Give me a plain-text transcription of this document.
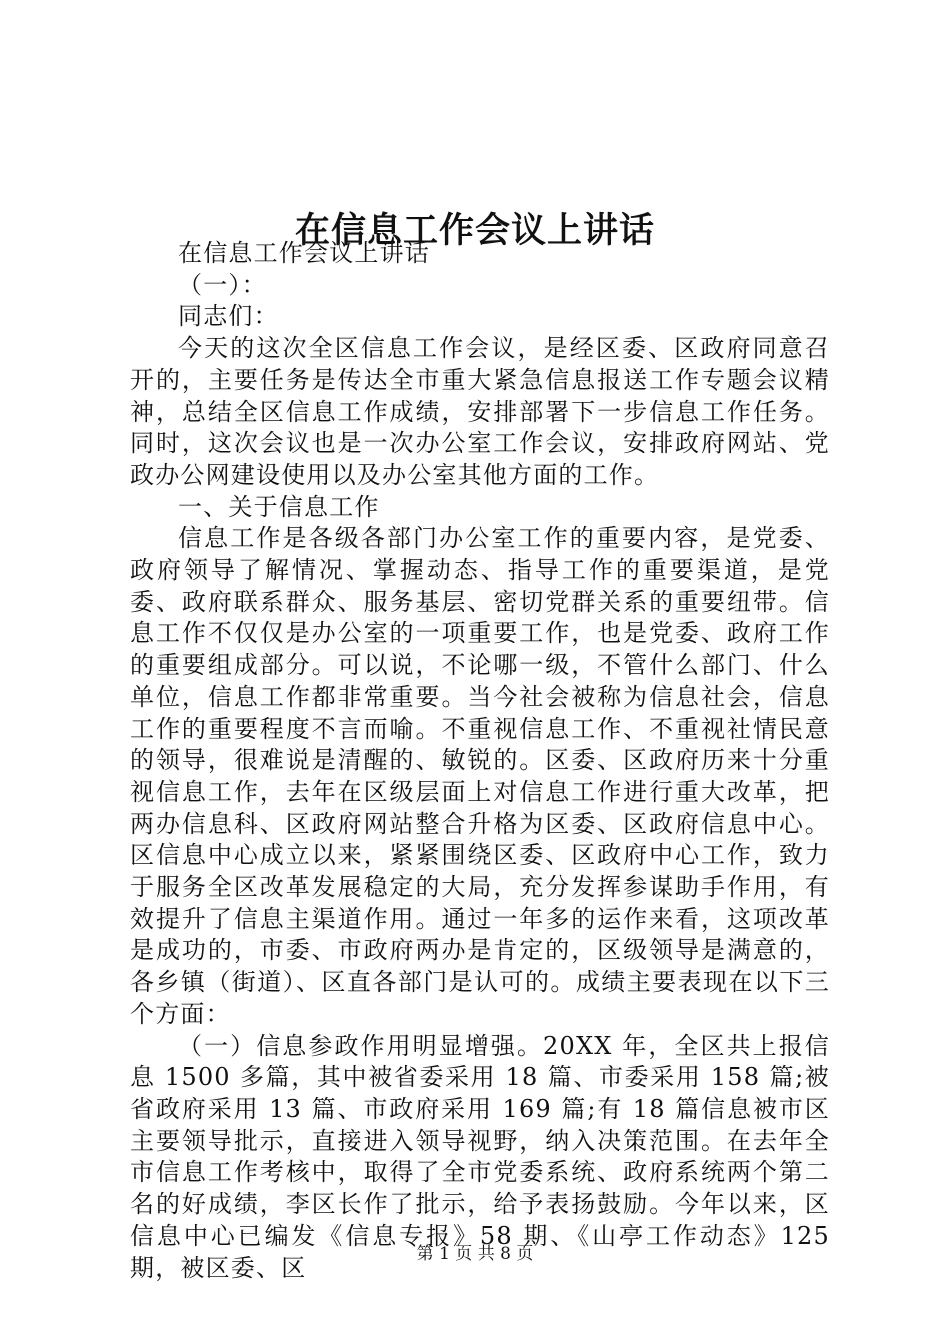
在信息工作会议上讲话

在信息工作会议上讲话

（一）：

同志们：

今天的这次全区信息工作会议，是经区委、区政府同意召开的，主要任务是传达全市重大紧急信息报送工作专题会议精神，总结全区信息工作成绩，安排部署下一步信息工作任务。同时，这次会议也是一次办公室工作会议，安排政府网站、党政办公网建设使用以及办公室其他方面的工作。

一、关于信息工作

信息工作是各级各部门办公室工作的重要内容，是党委、政府领导了解情况、掌握动态、指导工作的重要渠道，是党委、政府联系群众、服务基层、密切党群关系的重要纽带。信息工作不仅仅是办公室的一项重要工作，也是党委、政府工作的重要组成部分。可以说，不论哪一级，不管什么部门、什么单位，信息工作都非常重要。当今社会被称为信息社会，信息工作的重要程度不言而喻。不重视信息工作、不重视社情民意的领导，很难说是清醒的、敏锐的。区委、区政府历来十分重视信息工作，去年在区级层面上对信息工作进行重大改革，把两办信息科、区政府网站整合升格为区委、区政府信息中心。区信息中心成立以来，紧紧围绕区委、区政府中心工作，致力于服务全区改革发展稳定的大局，充分发挥参谋助手作用，有效提升了信息主渠道作用。通过一年多的运作来看，这项改革是成功的，市委、市政府两办是肯定的，区级领导是满意的，各乡镇（街道）、区直各部门是认可的。成绩主要表现在以下三个方面：

（一）信息参政作用明显增强。20XX 年，全区共上报信息 1500 多篇，其中被省委采用 18 篇、市委采用 158 篇;被省政府采用 13 篇、市政府采用 169 篇;有 18 篇信息被市区主要领导批示，直接进入领导视野，纳入决策范围。在去年全市信息工作考核中，取得了全市党委系统、政府系统两个第二名的好成绩，李区长作了批示，给予表扬鼓励。今年以来，区信息中心已编发《信息专报》58 期、《山亭工作动态》125 期，被区委、区	第 1 页 共 8 页
